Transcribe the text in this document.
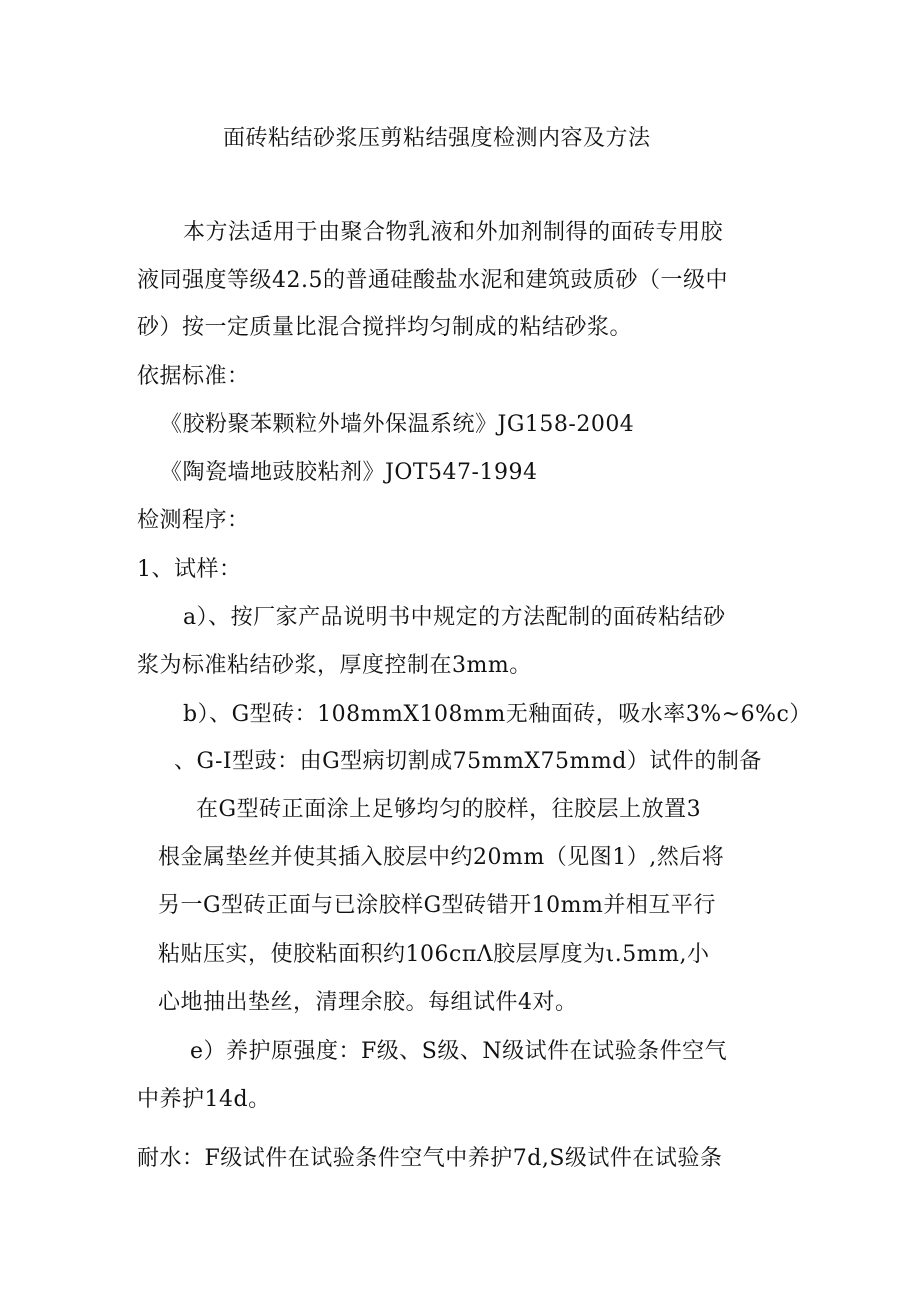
面砖粘结砂浆压剪粘结强度检测内容及方法
本方法适用于由聚合物乳液和外加剂制得的面砖专用胶
液同强度等级42.5的普通硅酸盐水泥和建筑豉质砂（一级中
砂）按一定质量比混合搅拌均匀制成的粘结砂浆。
依据标准：
《胶粉聚苯颗粒外墙外保温系统》JG158-2004
《陶瓷墙地豉胶粘剂》JOT547-1994
检测程序：
1、试样：
a）、按厂家产品说明书中规定的方法配制的面砖粘结砂
浆为标准粘结砂浆，厚度控制在3mm。
b）、G型砖：108mmX108mm无釉面砖，吸水率3%~6%c）
、G-I型豉：由G型病切割成75mmX75mmd）试件的制备
在G型砖正面涂上足够均匀的胶样，往胶层上放置3
根金属垫丝并使其插入胶层中约20mm（见图1）,然后将
另一G型砖正面与已涂胶样G型砖错开10mm并相互平行
粘贴压实，使胶粘面积约106cπΛ胶层厚度为ι.5mm,小
心地抽出垫丝，清理余胶。每组试件4对。
e）养护原强度：F级、S级、N级试件在试验条件空气
中养护14d。
耐水：F级试件在试验条件空气中养护7d,S级试件在试验条
